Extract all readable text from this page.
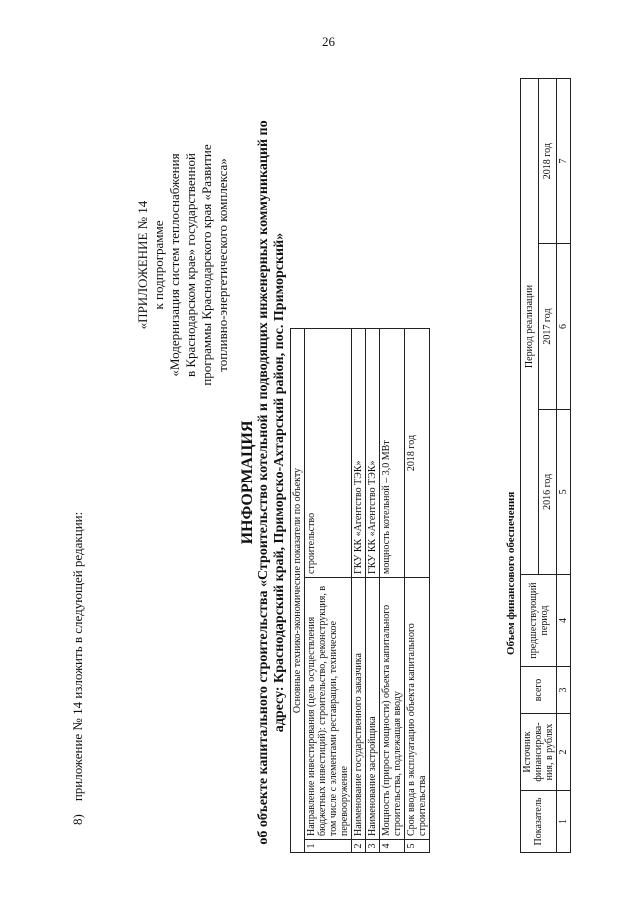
26
8)    приложение № 14 изложить в следующей редакции:
«ПРИЛОЖЕНИЕ № 14 к подпрограмме «Модернизация систем теплоснабжения в Краснодарском крае» государственной программы Краснодарского края «Развитие топливно-энергетического комплекса»
ИНФОРМАЦИЯ об объекте капитального строительства «Строительство котельной и подводящих инженерных коммуникаций по адресу: Краснодарский край, Приморско-Ахтарский район, пос. Приморский» Основные технико-экономические показатели по объекту		
1	Направление инвестирования (цель осуществления бюджетных инвестиций): строительство, реконструкция, в том числе с элементами реставрации, техническое перевооружение	строительство
2	Наименование государственного заказчика	ГКУ КК «Агентство ТЭК»
3	Наименование застройщика	ГКУ КК «Агентство ТЭК»
4	Мощность (прирост мощности) объекта капитального строительства, подлежащая вводу	мощность котельной – 3,0 МВт
5	Срок ввода в эксплуатацию объекта капитального строительства	2018 год
Объем финансового обеспечения
Показатель	Источник финансирова-ния, в рублях	всего	предшествующий период	Период реализации		
				2016 год	2017 год	2018 год
1	2	3	4	5	6	7
